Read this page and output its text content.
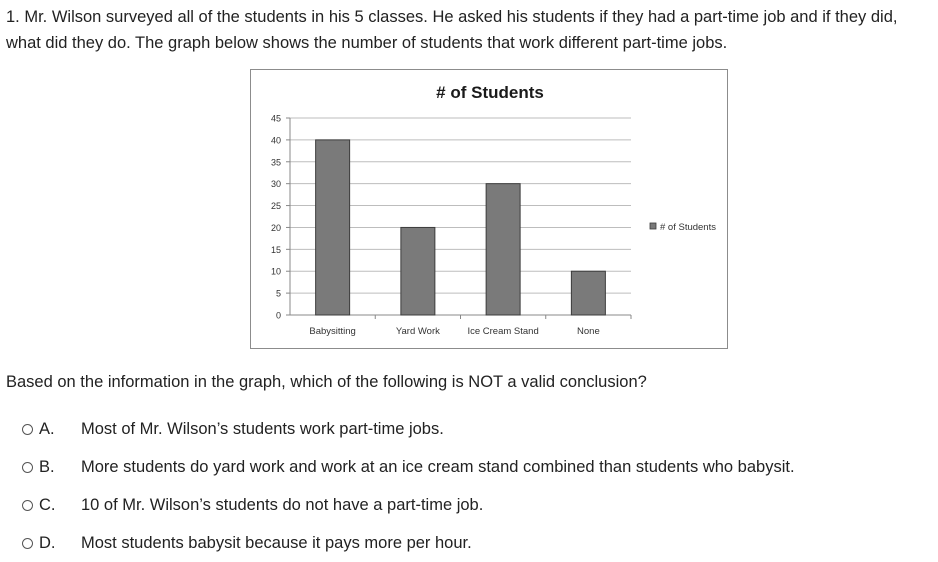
1. Mr. Wilson surveyed all of the students in his 5 classes. He asked his students if they had a part-time job and if they did, what did they do. The graph below shows the number of students that work different part-time jobs.

# of Students
0
5
10
15
20
25
30
35
40
45
Babysitting	Yard Work	Ice Cream Stand	None
# of Students

Based on the information in the graph, which of the following is NOT a valid conclusion?

A.	Most of Mr. Wilson’s students work part-time jobs.
B.	More students do yard work and work at an ice cream stand combined than students who babysit.
C.	10 of Mr. Wilson’s students do not have a part-time job.
D.	Most students babysit because it pays more per hour.
